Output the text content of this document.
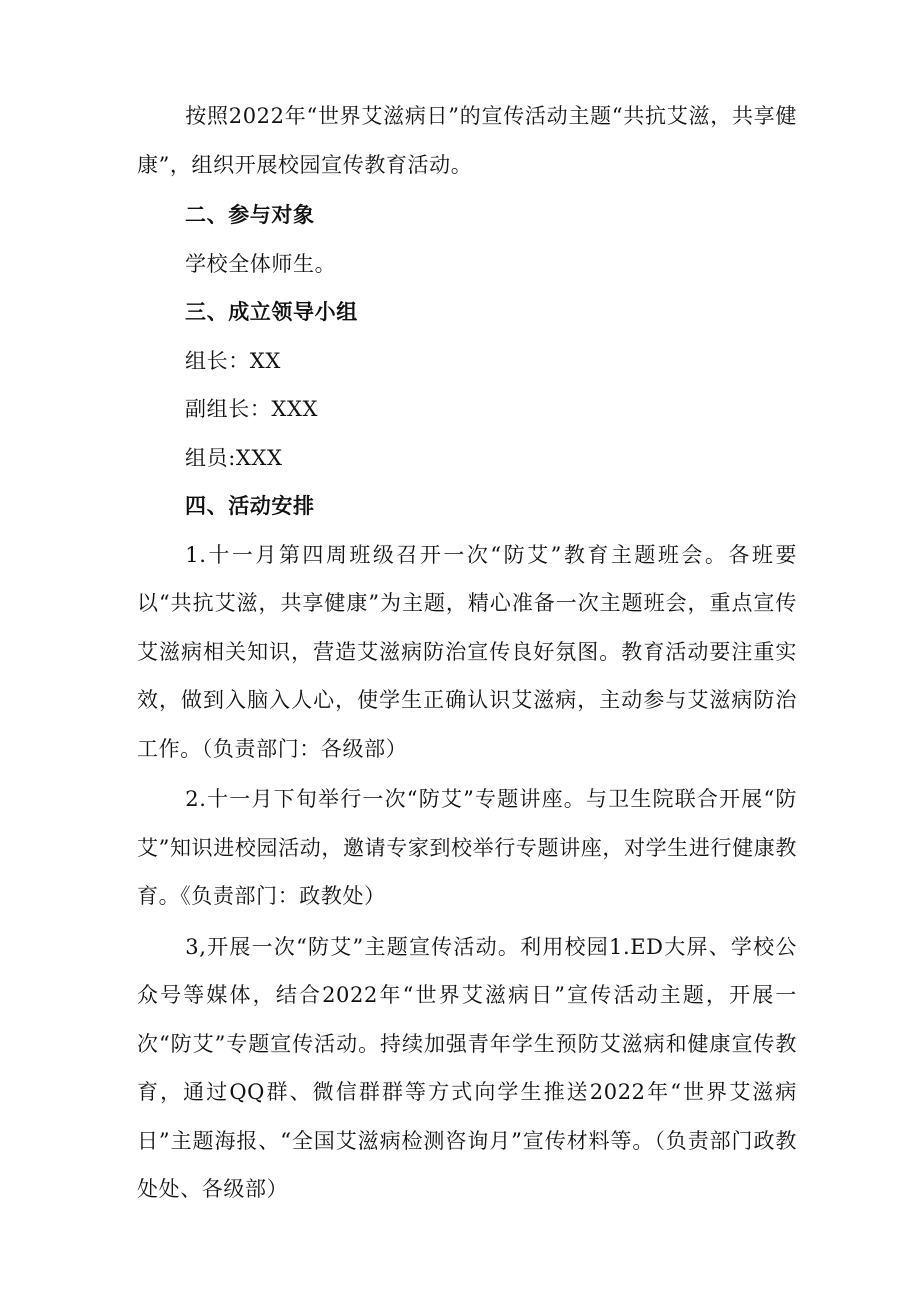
按照2022年“世界艾滋病日”的宣传活动主题“共抗艾滋，共享健康”，组织开展校园宣传教育活动。

二、参与对象

学校全体师生。

三、成立领导小组

组长：XX

副组长：XXX

组员:XXX

四、活动安排

1.十一月第四周班级召开一次“防艾”教育主题班会。各班要以“共抗艾滋，共享健康”为主题，精心准备一次主题班会，重点宣传艾滋病相关知识，营造艾滋病防治宣传良好氛图。教育活动要注重实效，做到入脑入人心，使学生正确认识艾滋病，主动参与艾滋病防治工作。（负责部门：各级部）

2.十一月下旬举行一次“防艾”专题讲座。与卫生院联合开展“防艾”知识进校园活动，邀请专家到校举行专题讲座，对学生进行健康教育。《负责部门：政教处）

3,开展一次“防艾”主题宣传活动。利用校园1.ED大屏、学校公众号等媒体，结合2022年“世界艾滋病日”宣传活动主题，开展一次“防艾”专题宣传活动。持续加强青年学生预防艾滋病和健康宣传教育，通过QQ群、微信群群等方式向学生推送2022年“世界艾滋病日”主题海报、“全国艾滋病检测咨询月”宣传材料等。（负责部门政教处处、各级部）
